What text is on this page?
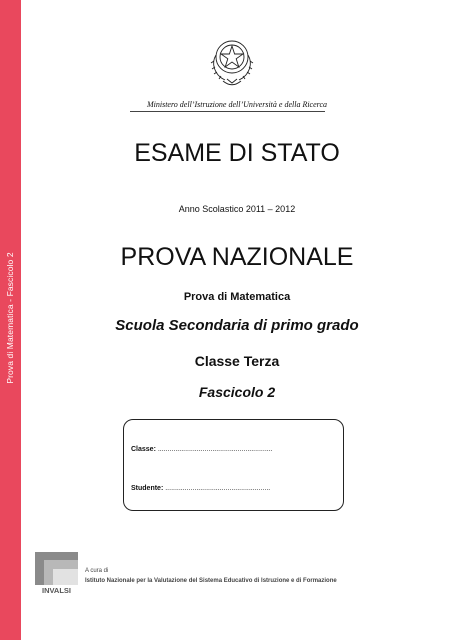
Prova di Matematica - Fascicolo 2
Ministero dell’Istruzione dell’Università e della Ricerca
ESAME DI STATO
Anno Scolastico 2011 – 2012
PROVA NAZIONALE
Prova di Matematica
Scuola Secondaria di primo grado
Classe Terza
Fascicolo 2
Classe: ...........................................................
Studente: ......................................................
INVALSI
A cura di
Istituto Nazionale per la Valutazione del Sistema Educativo di Istruzione e di Formazione
